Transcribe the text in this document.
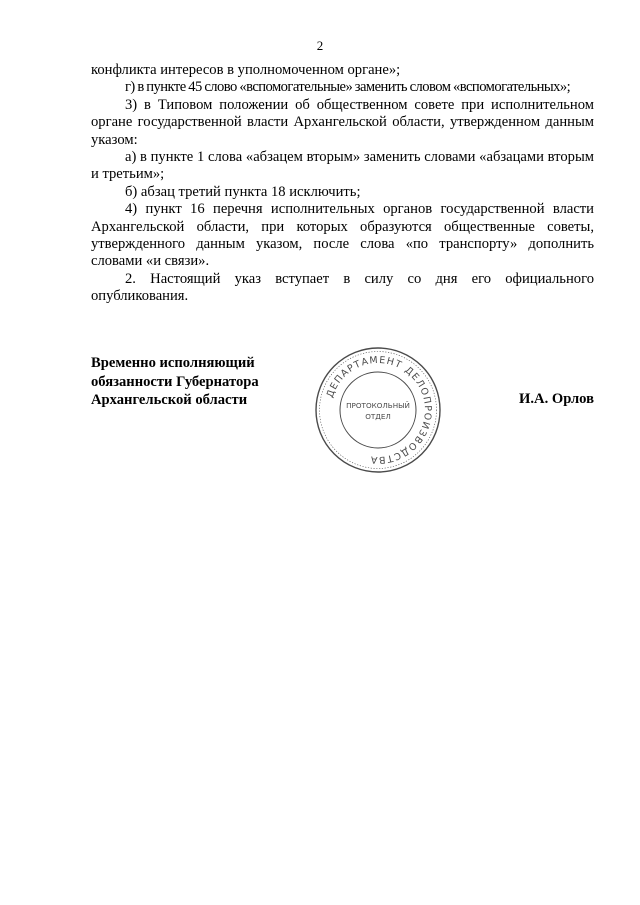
2

конфликта интересов в уполномоченном органе»;

г) в пункте 45 слово «вспомогательные» заменить словом «вспомогательных»;

3) в Типовом положении об общественном совете при исполнительном органе государственной власти Архангельской области, утвержденном данным указом:

а) в пункте 1 слова «абзацем вторым» заменить словами «абзацами вторым и третьим»;

б) абзац третий пункта 18 исключить;

4) пункт 16 перечня исполнительных органов государственной власти Архангельской области, при которых образуются общественные советы, утвержденного данным указом, после слова «по транспорту» дополнить словами «и связи».

2. Настоящий указ вступает в силу со дня его официального опубликования.

Временно исполняющий
обязанности Губернатора
Архангельской области	ДЕПАРТАМЕНТ ДЕЛОПРОИЗВОДСТВА
ПРОТОКОЛЬНЫЙ
ОТДЕЛ
И.А. Орлов
